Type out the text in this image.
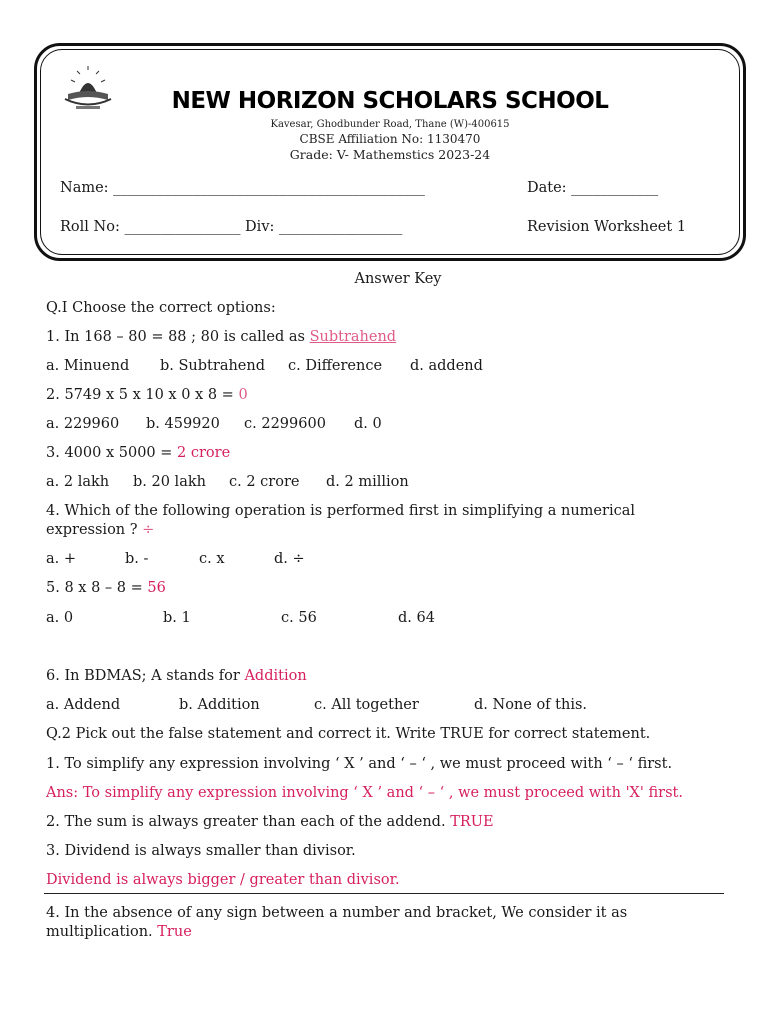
NEW HORIZON SCHOLARS SCHOOL
Kavesar, Ghodbunder Road, Thane (W)-400615
CBSE Affiliation No: 1130470
Grade: V- Mathemstics 2023-24
Name: ___________________________________________	Date: ____________
Roll No: ________________ Div: _________________	Revision Worksheet 1
Answer Key
Q.I Choose the correct options:
1. In 168 – 80 = 88 ; 80 is called as Subtrahend
a. Minuend b. Subtrahend c. Difference d. addend
2. 5749 x 5 x 10 x 0 x 8 = 0
a. 229960 b. 459920 c. 2299600 d. 0
3. 4000 x 5000 = 2 crore
a. 2 lakh b. 20 lakh c. 2 crore d. 2 million
4. Which of the following operation is performed first in simplifying a numerical
expression ? ÷
a. +	b. -	c. x	d. ÷
5. 8 x 8 – 8 = 56
a. 0	b. 1	c. 56	d. 64
6. In BDMAS; A stands for Addition
a. Addend	b. Addition	c. All together	d. None of this.
Q.2 Pick out the false statement and correct it. Write TRUE for correct statement.
1. To simplify any expression involving ‘ X ’ and ‘ – ‘ , we must proceed with ‘ – ‘ first.
Ans: To simplify any expression involving ‘ X ’ and ‘ – ‘ , we must proceed with 'X' first.
2. The sum is always greater than each of the addend. TRUE
3. Dividend is always smaller than divisor.
Dividend is always bigger / greater than divisor.
4. In the absence of any sign between a number and bracket, We consider it as
multiplication. True
